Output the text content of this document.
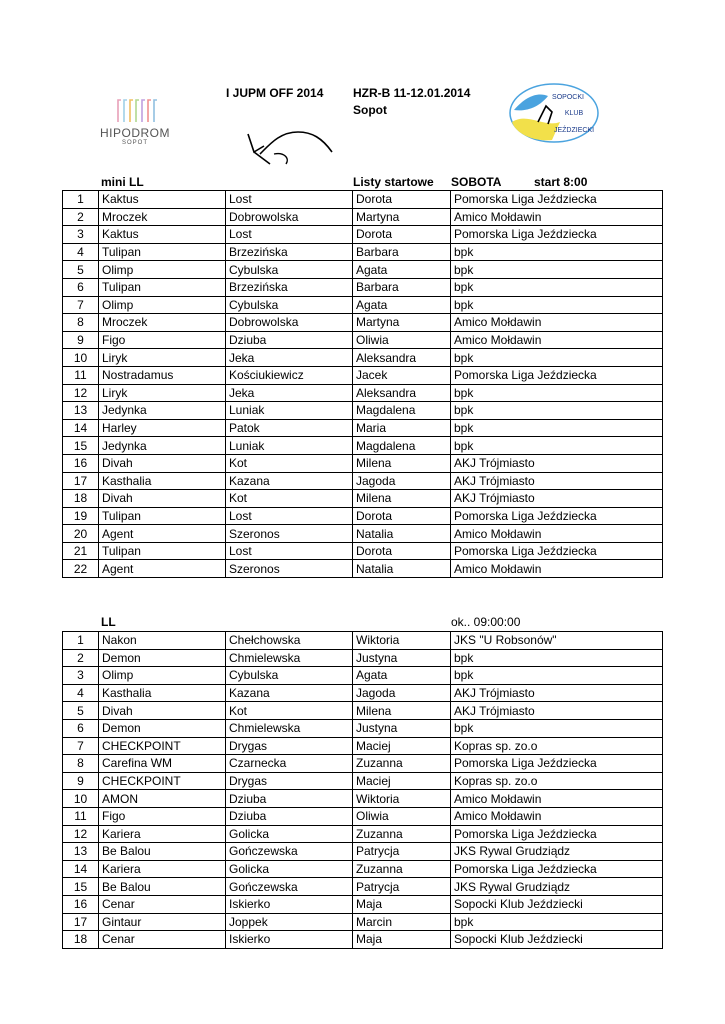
HIPODROM
SOPOT
I JUPM OFF 2014 HZR-B 11-12.01.2014
Sopot
SOPOCKI
KLUB
JEŹDZIECKI
mini LL	Listy startowe SOBOTA	start 8:00
1	Kaktus	Lost	Dorota	Pomorska Liga Jeździecka
2	Mroczek	Dobrowolska	Martyna	Amico Mołdawin
3	Kaktus	Lost	Dorota	Pomorska Liga Jeździecka
4	Tulipan	Brzezińska	Barbara	bpk
5	Olimp	Cybulska	Agata	bpk
6	Tulipan	Brzezińska	Barbara	bpk
7	Olimp	Cybulska	Agata	bpk
8	Mroczek	Dobrowolska	Martyna	Amico Mołdawin
9	Figo	Dziuba	Oliwia	Amico Mołdawin
10	Liryk	Jeka	Aleksandra	bpk
11	Nostradamus	Kościukiewicz	Jacek	Pomorska Liga Jeździecka
12	Liryk	Jeka	Aleksandra	bpk
13	Jedynka	Luniak	Magdalena	bpk
14	Harley	Patok	Maria	bpk
15	Jedynka	Luniak	Magdalena	bpk
16	Divah	Kot	Milena	AKJ Trójmiasto
17	Kasthalia	Kazana	Jagoda	AKJ Trójmiasto
18	Divah	Kot	Milena	AKJ Trójmiasto
19	Tulipan	Lost	Dorota	Pomorska Liga Jeździecka
20	Agent	Szeronos	Natalia	Amico Mołdawin
21	Tulipan	Lost	Dorota	Pomorska Liga Jeździecka
22	Agent	Szeronos	Natalia	Amico Mołdawin
LL	ok.. 09:00:00
1	Nakon	Chełchowska	Wiktoria	JKS "U Robsonów"
2	Demon	Chmielewska	Justyna	bpk
3	Olimp	Cybulska	Agata	bpk
4	Kasthalia	Kazana	Jagoda	AKJ Trójmiasto
5	Divah	Kot	Milena	AKJ Trójmiasto
6	Demon	Chmielewska	Justyna	bpk
7	CHECKPOINT	Drygas	Maciej	Kopras sp. zo.o
8	Carefina WM	Czarnecka	Zuzanna	Pomorska Liga Jeździecka
9	CHECKPOINT	Drygas	Maciej	Kopras sp. zo.o
10	AMON	Dziuba	Wiktoria	Amico Mołdawin
11	Figo	Dziuba	Oliwia	Amico Mołdawin
12	Kariera	Golicka	Zuzanna	Pomorska Liga Jeździecka
13	Be Balou	Gończewska	Patrycja	JKS Rywal Grudziądz
14	Kariera	Golicka	Zuzanna	Pomorska Liga Jeździecka
15	Be Balou	Gończewska	Patrycja	JKS Rywal Grudziądz
16	Cenar	Iskierko	Maja	Sopocki Klub Jeździecki
17	Gintaur	Joppek	Marcin	bpk
18	Cenar	Iskierko	Maja	Sopocki Klub Jeździecki
